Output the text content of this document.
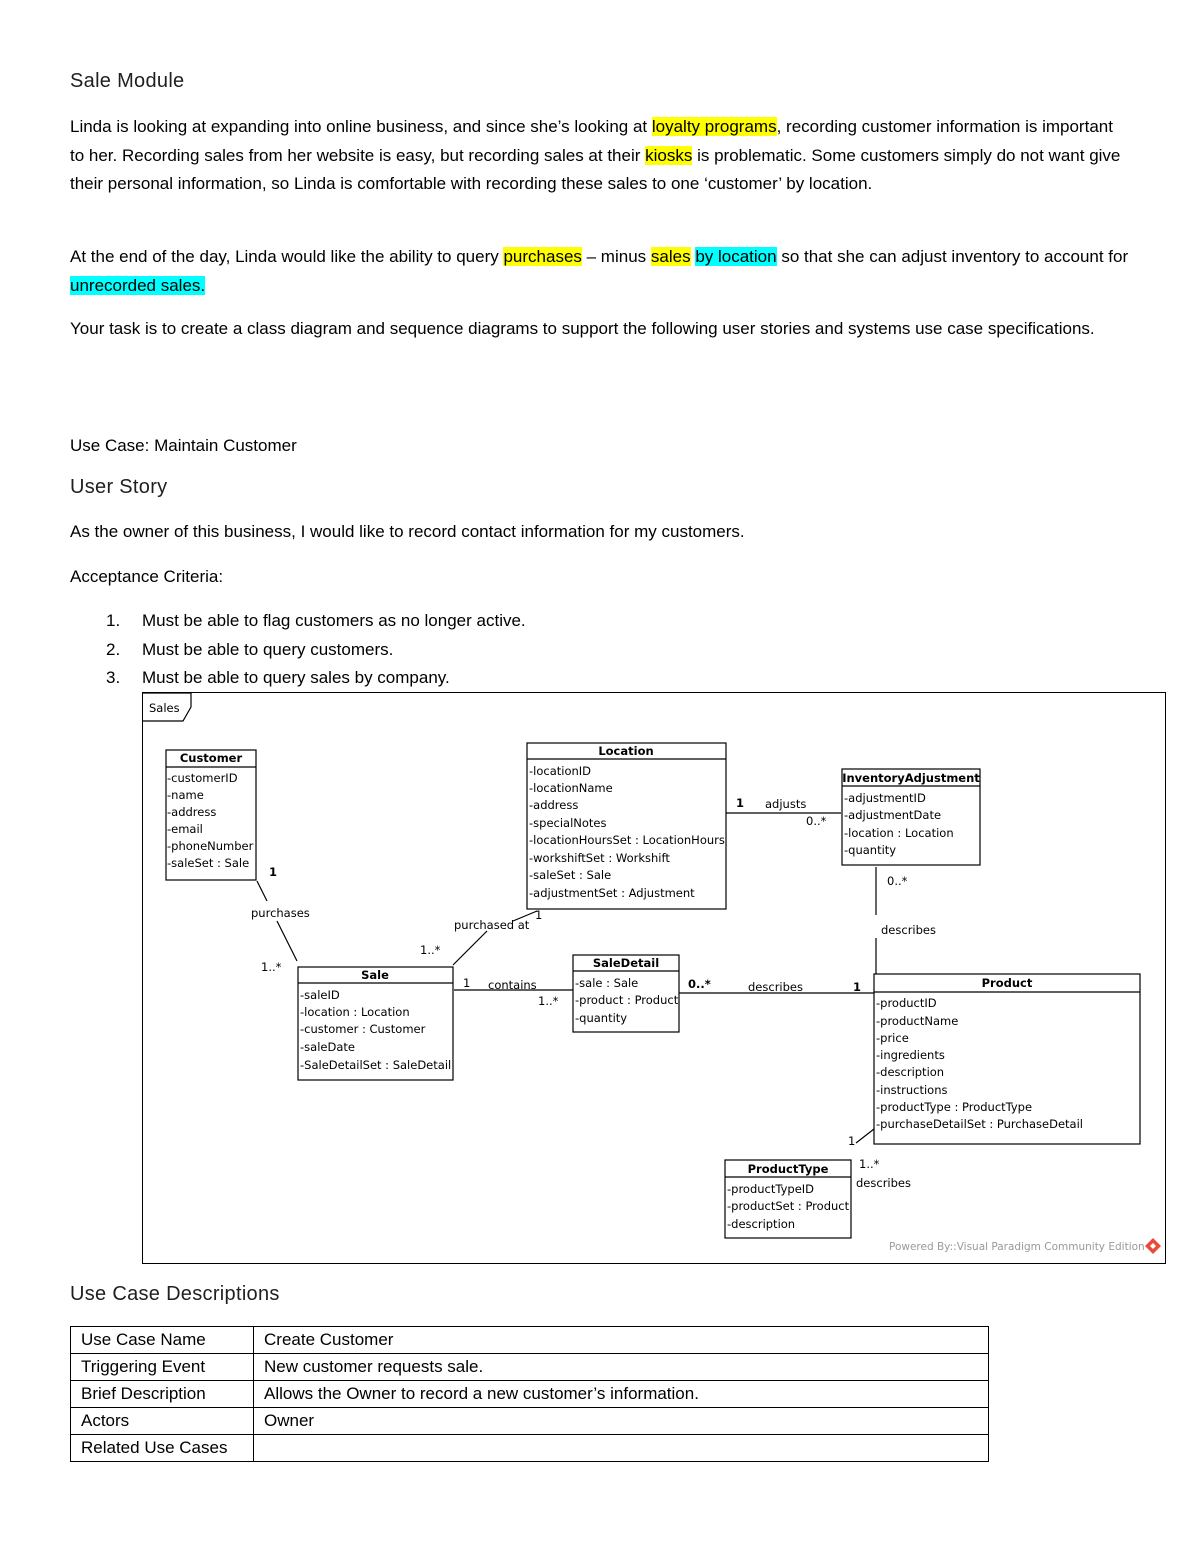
Sale Module
Linda is looking at expanding into online business, and since she’s looking at loyalty programs, recording customer information is important to her. Recording sales from her website is easy, but recording sales at their kiosks is problematic. Some customers simply do not want give their personal information, so Linda is comfortable with recording these sales to one ‘customer’ by location.
At the end of the day, Linda would like the ability to query purchases – minus sales by location so that she can adjust inventory to account for unrecorded sales.
Your task is to create a class diagram and sequence diagrams to support the following user stories and systems use case specifications.
Use Case: Maintain Customer
User Story
As the owner of this business, I would like to record contact information for my customers.
Acceptance Criteria:
1. Must be able to flag customers as no longer active.
2. Must be able to query customers.
3. Must be able to query sales by company.
Sales
Customer
-customerID
-name
-address
-email
-phoneNumber
-saleSet : Sale
Location
-locationID
-locationName
-address
-specialNotes
-locationHoursSet : LocationHours
-workshiftSet : Workshift
-saleSet : Sale
-adjustmentSet : Adjustment
InventoryAdjustment
-adjustmentID
-adjustmentDate
-location : Location
-quantity
Sale
-saleID
-location : Location
-customer : Customer
-saleDate
-SaleDetailSet : SaleDetail
SaleDetail
-sale : Sale
-product : Product
-quantity
Product
-productID
-productName
-price
-ingredients
-description
-instructions
-productType : ProductType
-purchaseDetailSet : PurchaseDetail
ProductType
-productTypeID
-productSet : Product
-description
1
purchases
1..*
purchased at
1..*
1
1 adjusts
0..*
1 contains
1..*
0..*	describes	1
0..*
describes
1..*
describes
1
Powered By::Visual Paradigm Community Edition
Use Case Descriptions
Use Case Name	Create Customer
Triggering Event	New customer requests sale.
Brief Description	Allows the Owner to record a new customer’s information.
Actors	Owner
Related Use Cases	
